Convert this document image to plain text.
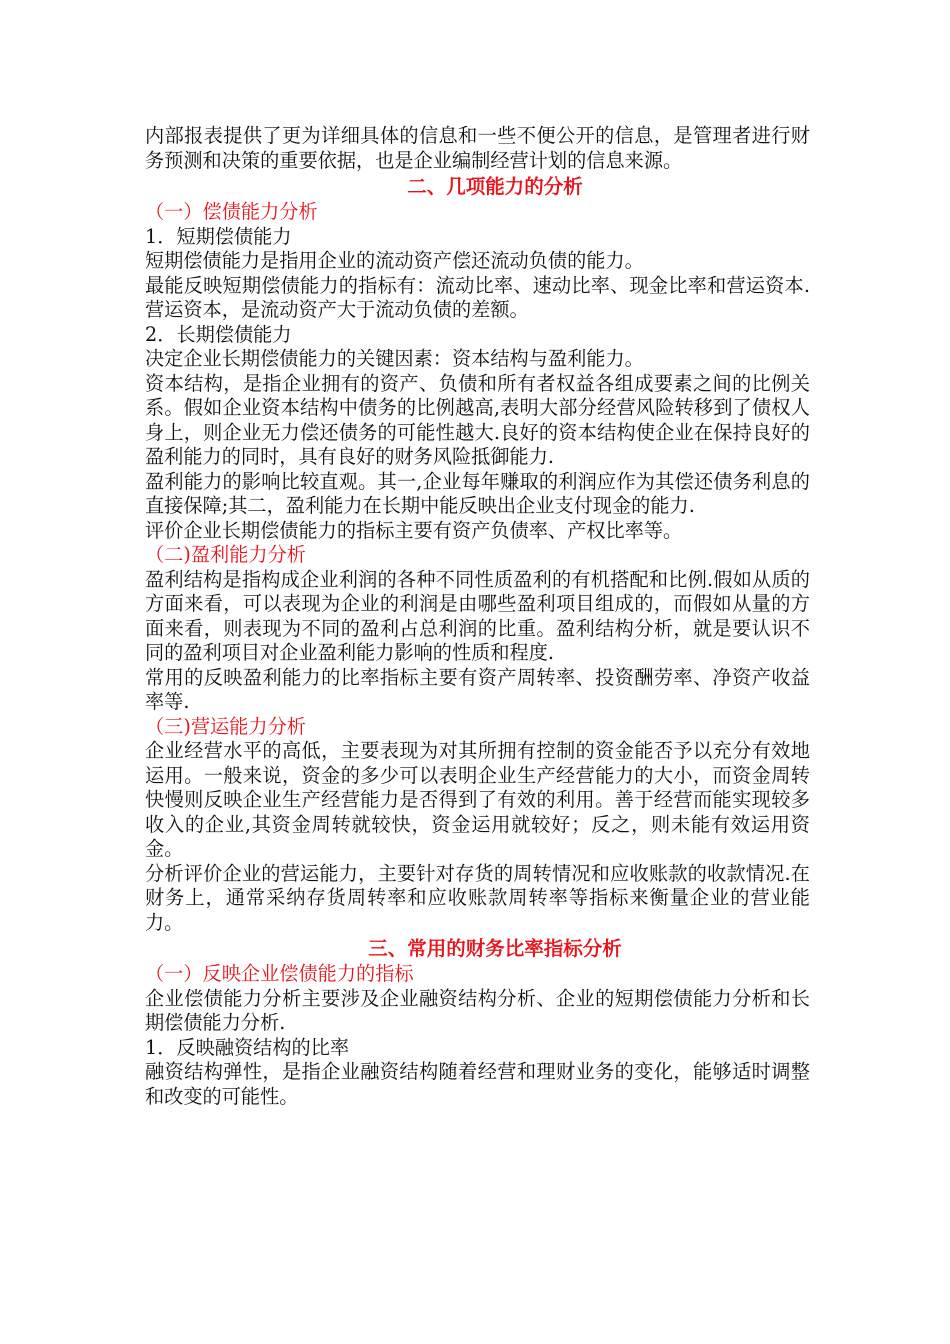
内部报表提供了更为详细具体的信息和一些不便公开的信息，是管理者进行财务预测和决策的重要依据，也是企业编制经营计划的信息来源。

二、几项能力的分析
（一）偿债能力分析
1．短期偿债能力

短期偿债能力是指用企业的流动资产偿还流动负债的能力。

最能反映短期偿债能力的指标有：流动比率、速动比率、现金比率和营运资本.营运资本，是流动资产大于流动负债的差额。

2．长期偿债能力

决定企业长期偿债能力的关键因素：资本结构与盈利能力。

资本结构，是指企业拥有的资产、负债和所有者权益各组成要素之间的比例关系。假如企业资本结构中债务的比例越高,表明大部分经营风险转移到了债权人身上，则企业无力偿还债务的可能性越大.良好的资本结构使企业在保持良好的盈利能力的同时，具有良好的财务风险抵御能力.

盈利能力的影响比较直观。其一,企业每年赚取的利润应作为其偿还债务利息的直接保障;其二，盈利能力在长期中能反映出企业支付现金的能力.

评价企业长期偿债能力的指标主要有资产负债率、产权比率等。

（二)盈利能力分析

盈利结构是指构成企业利润的各种不同性质盈利的有机搭配和比例.假如从质的方面来看，可以表现为企业的利润是由哪些盈利项目组成的，而假如从量的方面来看，则表现为不同的盈利占总利润的比重。盈利结构分析，就是要认识不同的盈利项目对企业盈利能力影响的性质和程度.

常用的反映盈利能力的比率指标主要有资产周转率、投资酬劳率、净资产收益率等.

（三)营运能力分析

企业经营水平的高低，主要表现为对其所拥有控制的资金能否予以充分有效地运用。一般来说，资金的多少可以表明企业生产经营能力的大小，而资金周转快慢则反映企业生产经营能力是否得到了有效的利用。善于经营而能实现较多收入的企业,其资金周转就较快，资金运用就较好；反之，则未能有效运用资金。

分析评价企业的营运能力，主要针对存货的周转情况和应收账款的收款情况.在财务上，通常采纳存货周转率和应收账款周转率等指标来衡量企业的营业能力。

三、常用的财务比率指标分析
（一）反映企业偿债能力的指标

企业偿债能力分析主要涉及企业融资结构分析、企业的短期偿债能力分析和长期偿债能力分析.

1．反映融资结构的比率

融资结构弹性，是指企业融资结构随着经营和理财业务的变化，能够适时调整和改变的可能性。
